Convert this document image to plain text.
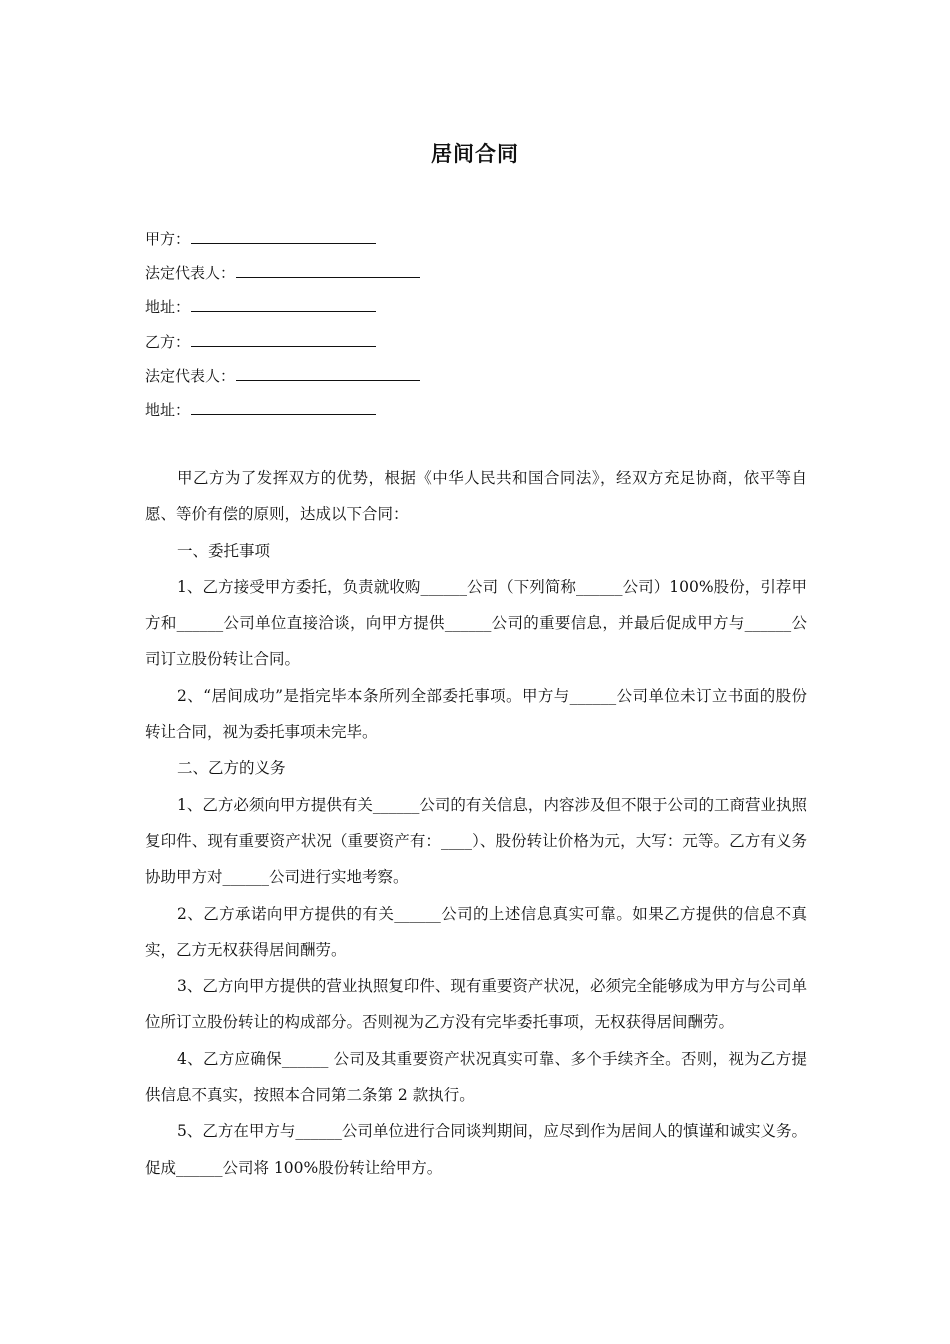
居间合同
甲方：
法定代表人：
地址：
乙方：
法定代表人：
地址：

甲乙方为了发挥双方的优势，根据《中华人民共和国合同法》，经双方充足协商，依平等自愿、等价有偿的原则，达成以下合同：

一、委托事项

1、乙方接受甲方委托，负责就收购______公司（下列简称______公司）100%股份，引荐甲方和______公司单位直接洽谈，向甲方提供______公司的重要信息，并最后促成甲方与______公司订立股份转让合同。

2、“居间成功”是指完毕本条所列全部委托事项。甲方与______公司单位未订立书面的股份转让合同，视为委托事项未完毕。

二、乙方的义务

1、乙方必须向甲方提供有关______公司的有关信息，内容涉及但不限于公司的工商营业执照复印件、现有重要资产状况（重要资产有：____）、股份转让价格为元，大写：元等。乙方有义务协助甲方对______公司进行实地考察。

2、乙方承诺向甲方提供的有关______公司的上述信息真实可靠。如果乙方提供的信息不真实，乙方无权获得居间酬劳。

3、乙方向甲方提供的营业执照复印件、现有重要资产状况，必须完全能够成为甲方与公司单位所订立股份转让的构成部分。否则视为乙方没有完毕委托事项，无权获得居间酬劳。

4、乙方应确保______ 公司及其重要资产状况真实可靠、多个手续齐全。否则，视为乙方提供信息不真实，按照本合同第二条第 2 款执行。

5、乙方在甲方与______公司单位进行合同谈判期间，应尽到作为居间人的慎谨和诚实义务。促成______公司将 100%股份转让给甲方。
